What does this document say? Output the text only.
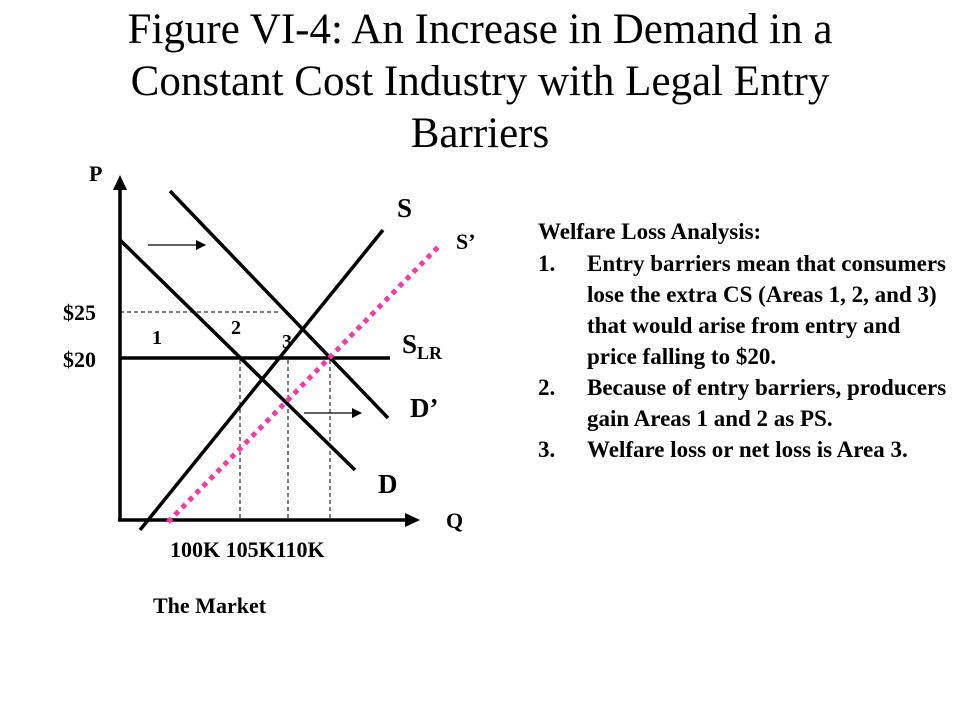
Figure VI-4: An Increase in Demand in a
Constant Cost Industry with Legal Entry
Barriers
P
Q
$25
$20
S
S’
$S_{LR}$
D’
D
1	2
3
100K 105K110K
The Market
Welfare Loss Analysis:
1. Entry barriers mean that consumers lose the extra CS (Areas 1, 2, and 3) that would arise from entry and price falling to $20.
2. Because of entry barriers, producers gain Areas 1 and 2 as PS.
3. Welfare loss or net loss is Area 3.
